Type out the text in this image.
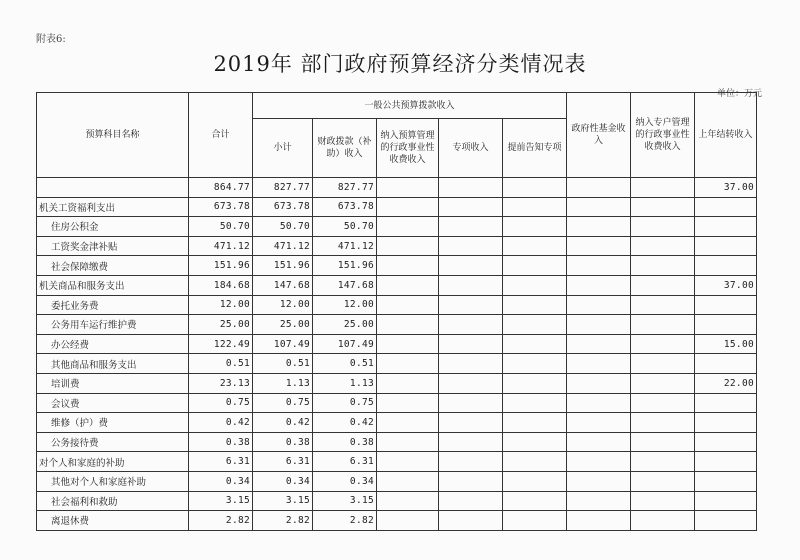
附表6:
2019年 部门政府预算经济分类情况表
单位：万元
预算科目名称	合计	一般公共预算拨款收入					政府性基金收入	纳入专户管理的行政事业性收费收入	上年结转收入
		小计	财政拨款（补助）收入	纳入预算管理的行政事业性收费收入	专项收入	提前告知专项			
	864.77	827.77	827.77						37.00
机关工资福利支出	673.78	673.78	673.78						
住房公积金	50.70	50.70	50.70						
工资奖金津补贴	471.12	471.12	471.12						
社会保障缴费	151.96	151.96	151.96						
机关商品和服务支出	184.68	147.68	147.68						37.00
委托业务费	12.00	12.00	12.00						
公务用车运行维护费	25.00	25.00	25.00						
办公经费	122.49	107.49	107.49						15.00
其他商品和服务支出	0.51	0.51	0.51						
培训费	23.13	1.13	1.13						22.00
会议费	0.75	0.75	0.75						
维修（护）费	0.42	0.42	0.42						
公务接待费	0.38	0.38	0.38						
对个人和家庭的补助	6.31	6.31	6.31						
其他对个人和家庭补助	0.34	0.34	0.34						
社会福利和救助	3.15	3.15	3.15						
离退休费	2.82	2.82	2.82						
